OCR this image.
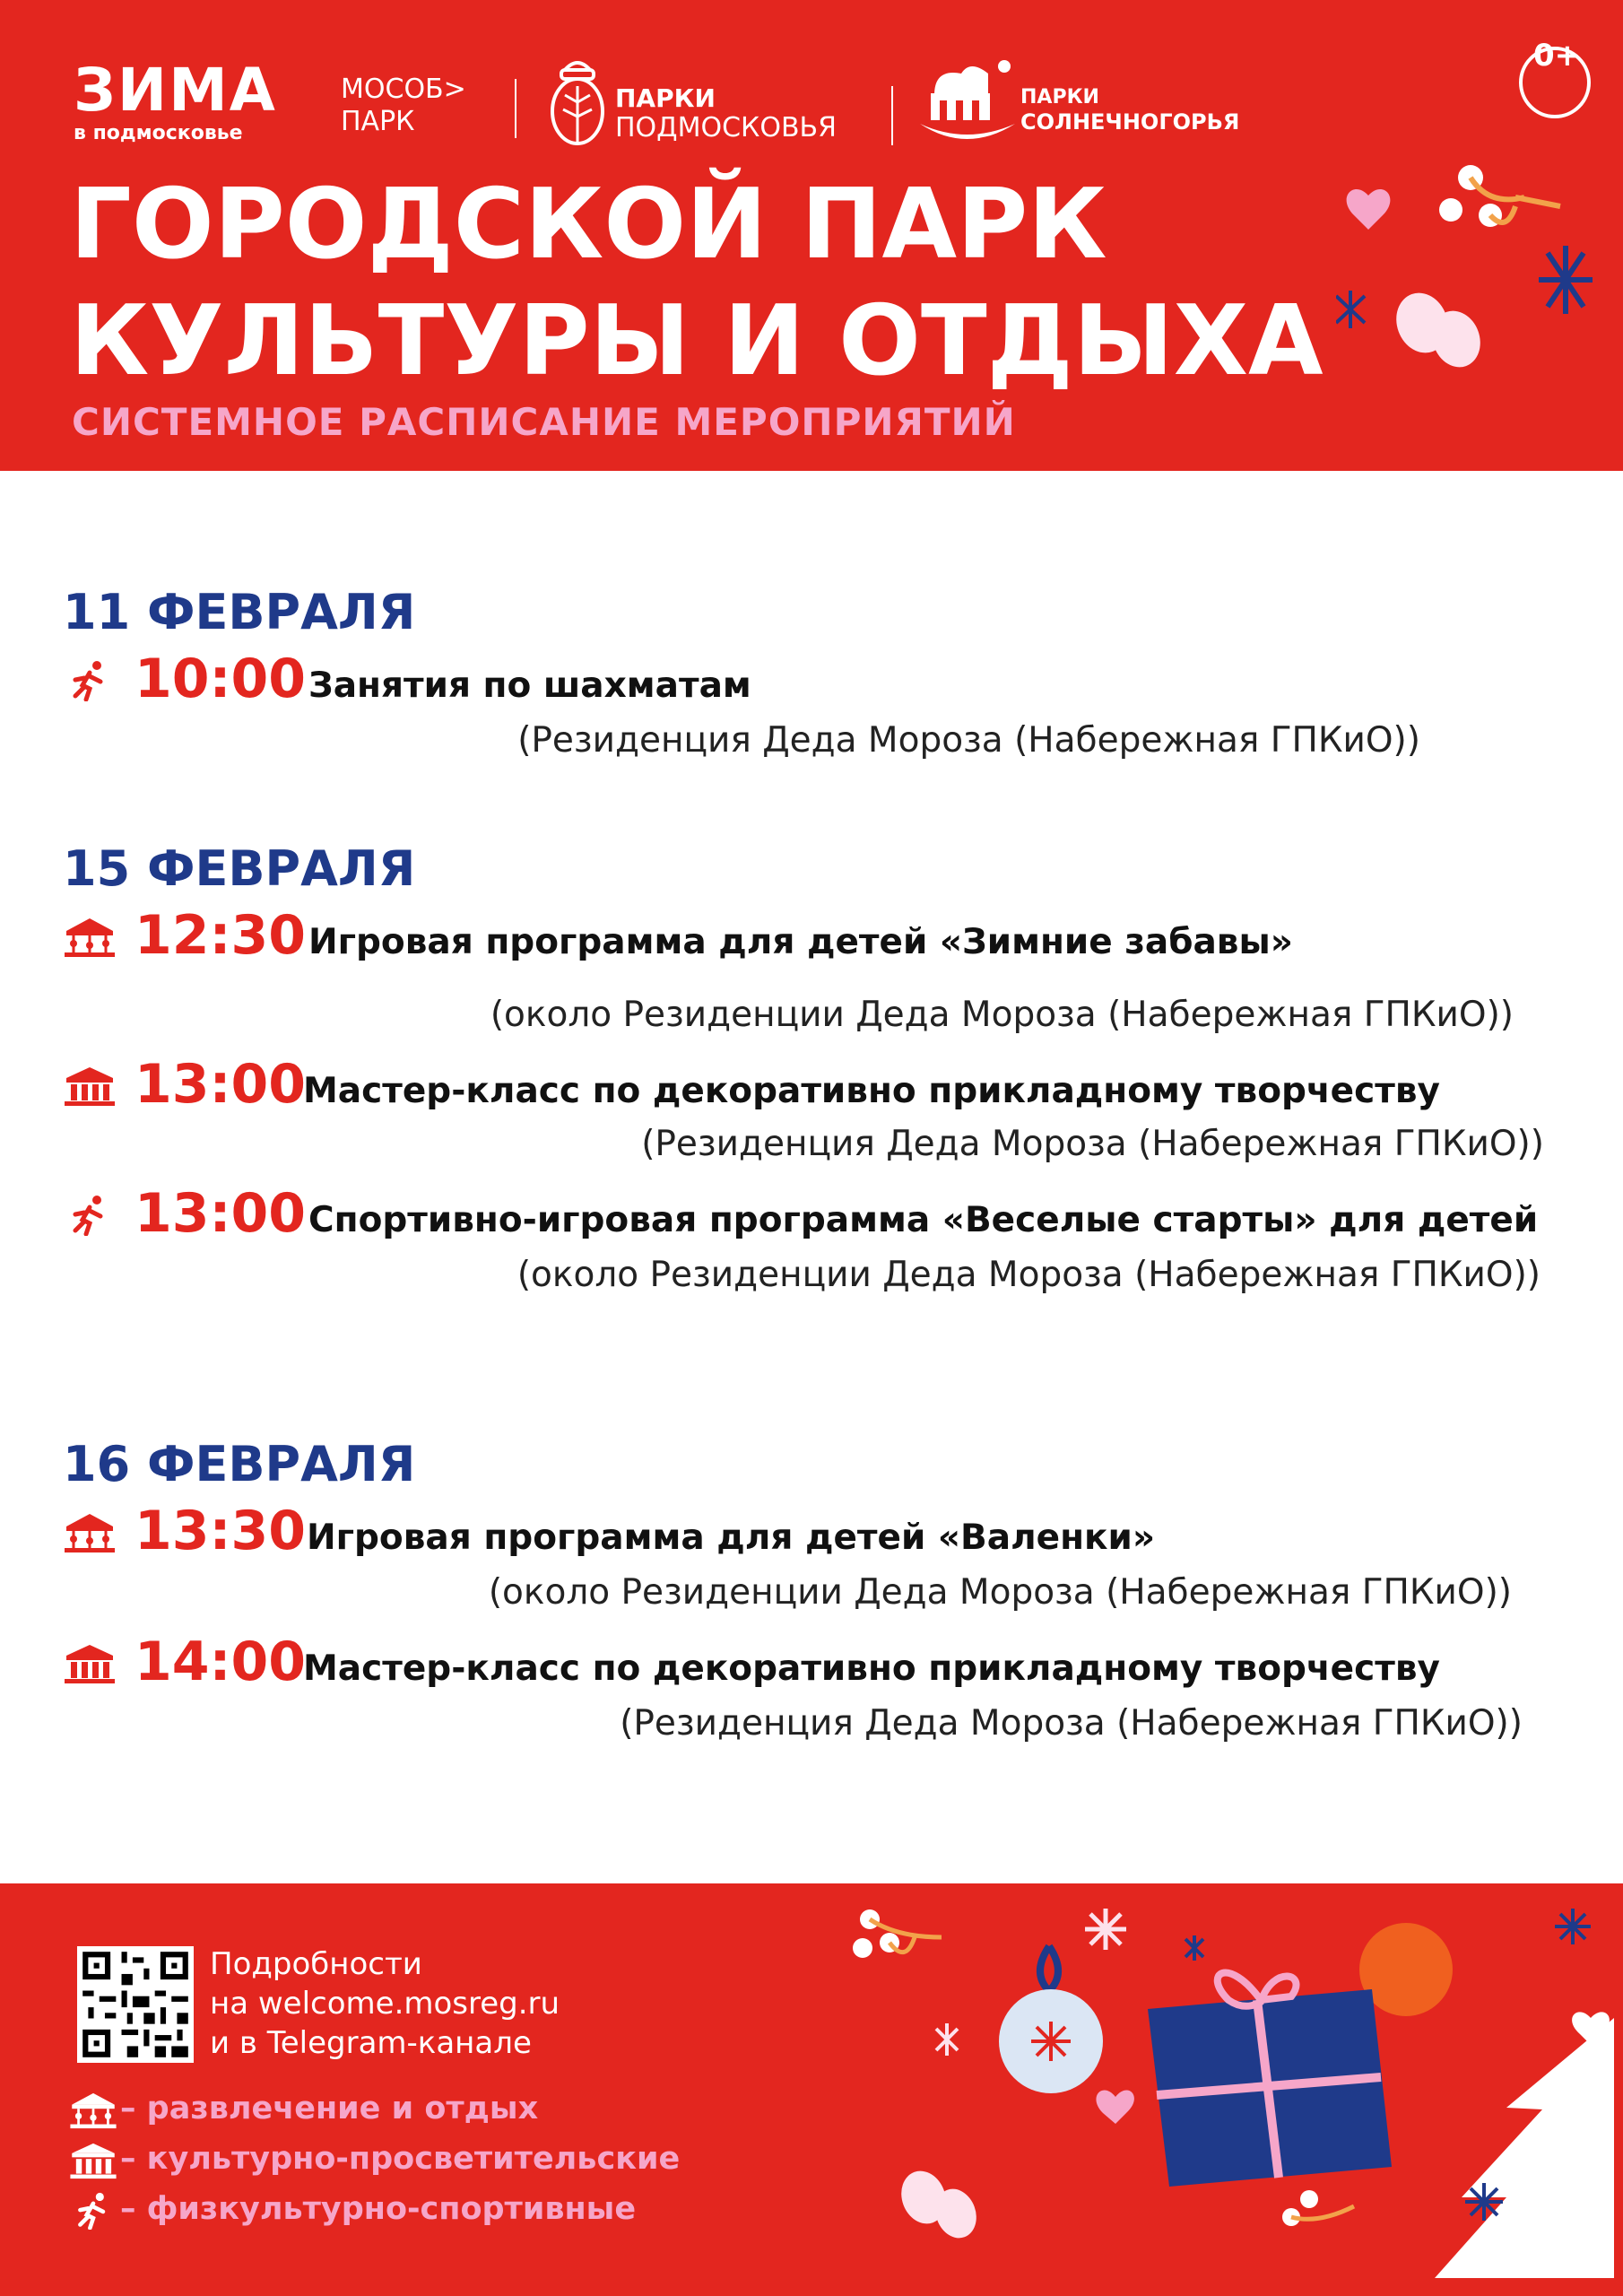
ЗИМА
в подмосковье
МОСОБ>
ПАРК
ПАРКИ
ПОДМОСКОВЬЯ
ПАРКИ
СОЛНЕЧНОГОРЬЯ
0+
ГОРОДСКОЙ ПАРК
КУЛЬТУРЫ И ОТДЫХА
СИСТЕМНОЕ РАСПИСАНИЕ МЕРОПРИЯТИЙ
11 ФЕВРАЛЯ
10:00 Занятия по шахматам
(Резиденция Деда Мороза (Набережная ГПКиО))
15 ФЕВРАЛЯ
12:30 Игровая программа для детей «Зимние забавы»
(около Резиденции Деда Мороза (Набережная ГПКиО))
13:00
Мастер-класс по декоративно прикладному творчеству
(Резиденция Деда Мороза (Набережная ГПКиО))
13:00 Спортивно-игровая программа «Веселые старты» для детей
(около Резиденции Деда Мороза (Набережная ГПКиО))
16 ФЕВРАЛЯ
13:30 Игровая программа для детей «Валенки»
(около Резиденции Деда Мороза (Набережная ГПКиО))
14:00
Мастер-класс по декоративно прикладному творчеству
(Резиденция Деда Мороза (Набережная ГПКиО))
Подробности
на welcome.mosreg.ru
и в Telegram-канале
– развлечение и отдых
– культурно-просветительские
– физкультурно-спортивные
